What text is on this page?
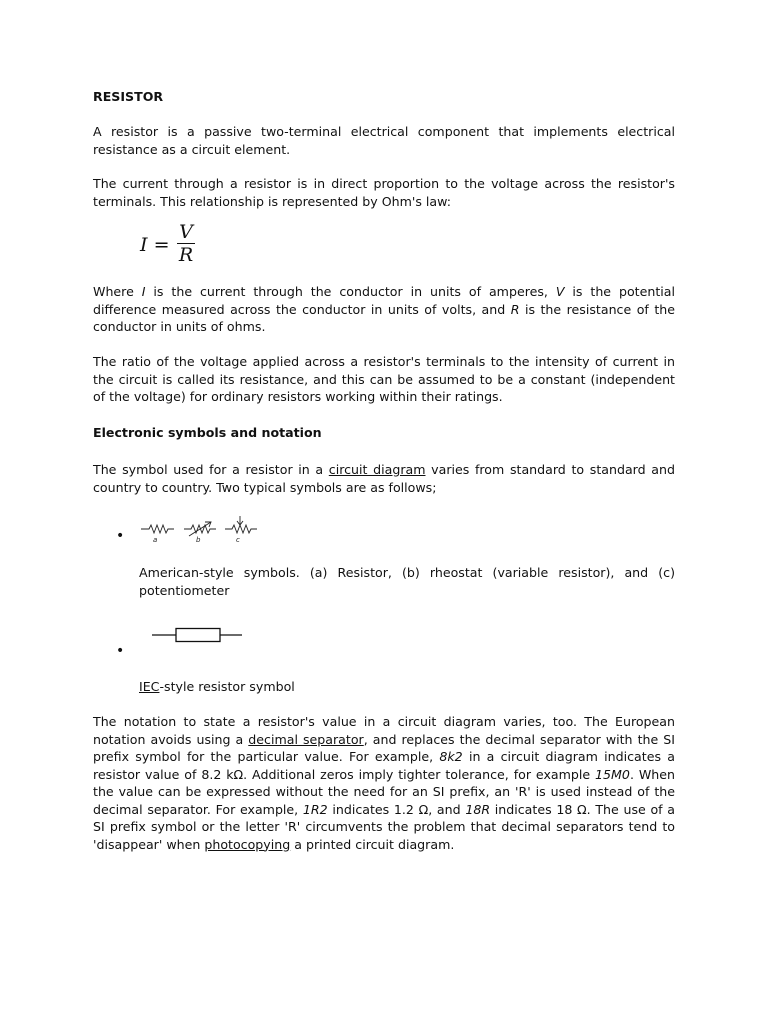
RESISTOR

A resistor is a passive two-terminal electrical component that implements electrical resistance as a circuit element.

The current through a resistor is in direct proportion to the voltage across the resistor's terminals. This relationship is represented by Ohm's law:

I =
V
R

Where I is the current through the conductor in units of amperes, V is the potential difference measured across the conductor in units of volts, and R is the resistance of the conductor in units of ohms.

The ratio of the voltage applied across a resistor's terminals to the intensity of current in the circuit is called its resistance, and this can be assumed to be a constant (independent of the voltage) for ordinary resistors working within their ratings.

Electronic symbols and notation

The symbol used for a resistor in a circuit diagram varies from standard to standard and country to country. Two typical symbols are as follows;

•	a	b	c

American-style symbols. (a) Resistor, (b) rheostat (variable resistor), and (c) potentiometer

•

IEC-style resistor symbol

The notation to state a resistor's value in a circuit diagram varies, too. The European notation avoids using a decimal separator, and replaces the decimal separator with the SI prefix symbol for the particular value. For example, 8k2 in a circuit diagram indicates a resistor value of 8.2 kΩ. Additional zeros imply tighter tolerance, for example 15M0. When the value can be expressed without the need for an SI prefix, an 'R' is used instead of the decimal separator. For example, 1R2 indicates 1.2 Ω, and 18R indicates 18 Ω. The use of a SI prefix symbol or the letter 'R' circumvents the problem that decimal separators tend to 'disappear' when photocopying a printed circuit diagram.
